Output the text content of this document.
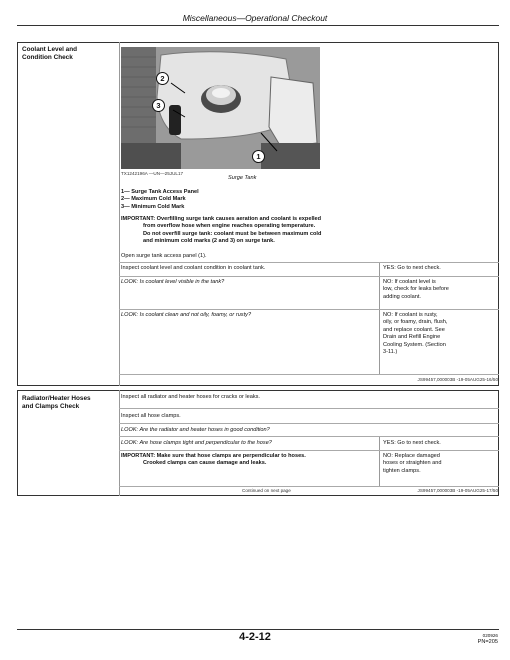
Miscellaneous—Operational Checkout
Coolant Level and
Condition Check
2
3
1
TX1242196A —UN—25JUL17
Surge Tank
1— Surge Tank Access Panel
2— Maximum Cold Mark
3— Minimum Cold Mark
IMPORTANT: Overfilling surge tank causes aeration and coolant is expelled
from overflow hose when engine reaches operating temperature.
Do not overfill surge tank: coolant must be between maximum cold
and minimum cold marks (2 and 3) on surge tank.
Open surge tank access panel (1).
Inspect coolant level and coolant condition in coolant tank.	YES: Go to next check.
LOOK: Is coolant level visible in the tank?	NO: If coolant level is
low, check for leaks before
adding coolant.
LOOK: Is coolant clean and not oily, foamy, or rusty?	NO: If coolant is rusty,
oily, or foamy, drain, flush,
and replace coolant. See
Drain and Refill Engine
Cooling System. (Section
3-11.)
JS99457,000003B -19-05AUG25-16/50
Radiator/Heater Hoses
and Clamps Check
Inspect all radiator and heater hoses for cracks or leaks.
Inspect all hose clamps.
LOOK: Are the radiator and heater hoses in good condition?
LOOK: Are hose clamps tight and perpendicular to the hose?	YES: Go to next check.
IMPORTANT: Make sure that hose clamps are perpendicular to hoses.
Crooked clamps can cause damage and leaks.
NO: Replace damaged
hoses or straighten and
tighten clamps.
Continued on next page	JS99457,000003B -19-05AUG25-17/50
4-2-12	020926
PN=205
